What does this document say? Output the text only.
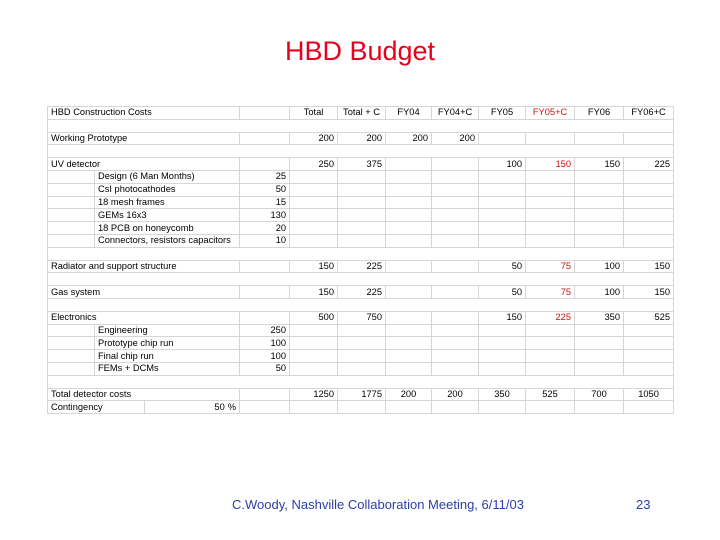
HBD Budget
HBD Construction Costs				Total	Total + C	FY04	FY04+C	FY05	FY05+C	FY06	FY06+C

Working Prototype				200	200	200	200				

UV detector				250	375			100	150	150	225
	Design (6 Man Months)		25								
	CsI photocathodes		50								
	18 mesh frames		15								
	GEMs 16x3		130								
	18 PCB on honeycomb		20								
	Connectors, resistors capacitors		10								

Radiator and support structure				150	225			50	75	100	150

Gas system				150	225			50	75	100	150

Electronics				500	750			150	225	350	525
	Engineering		250								
	Prototype chip run		100								
	Final chip run		100								
	FEMs + DCMs		50								

Total detector costs				1250	1775	200	200	350	525	700	1050
Contingency		50 %									

C.Woody, Nashville Collaboration Meeting, 6/11/03	23
